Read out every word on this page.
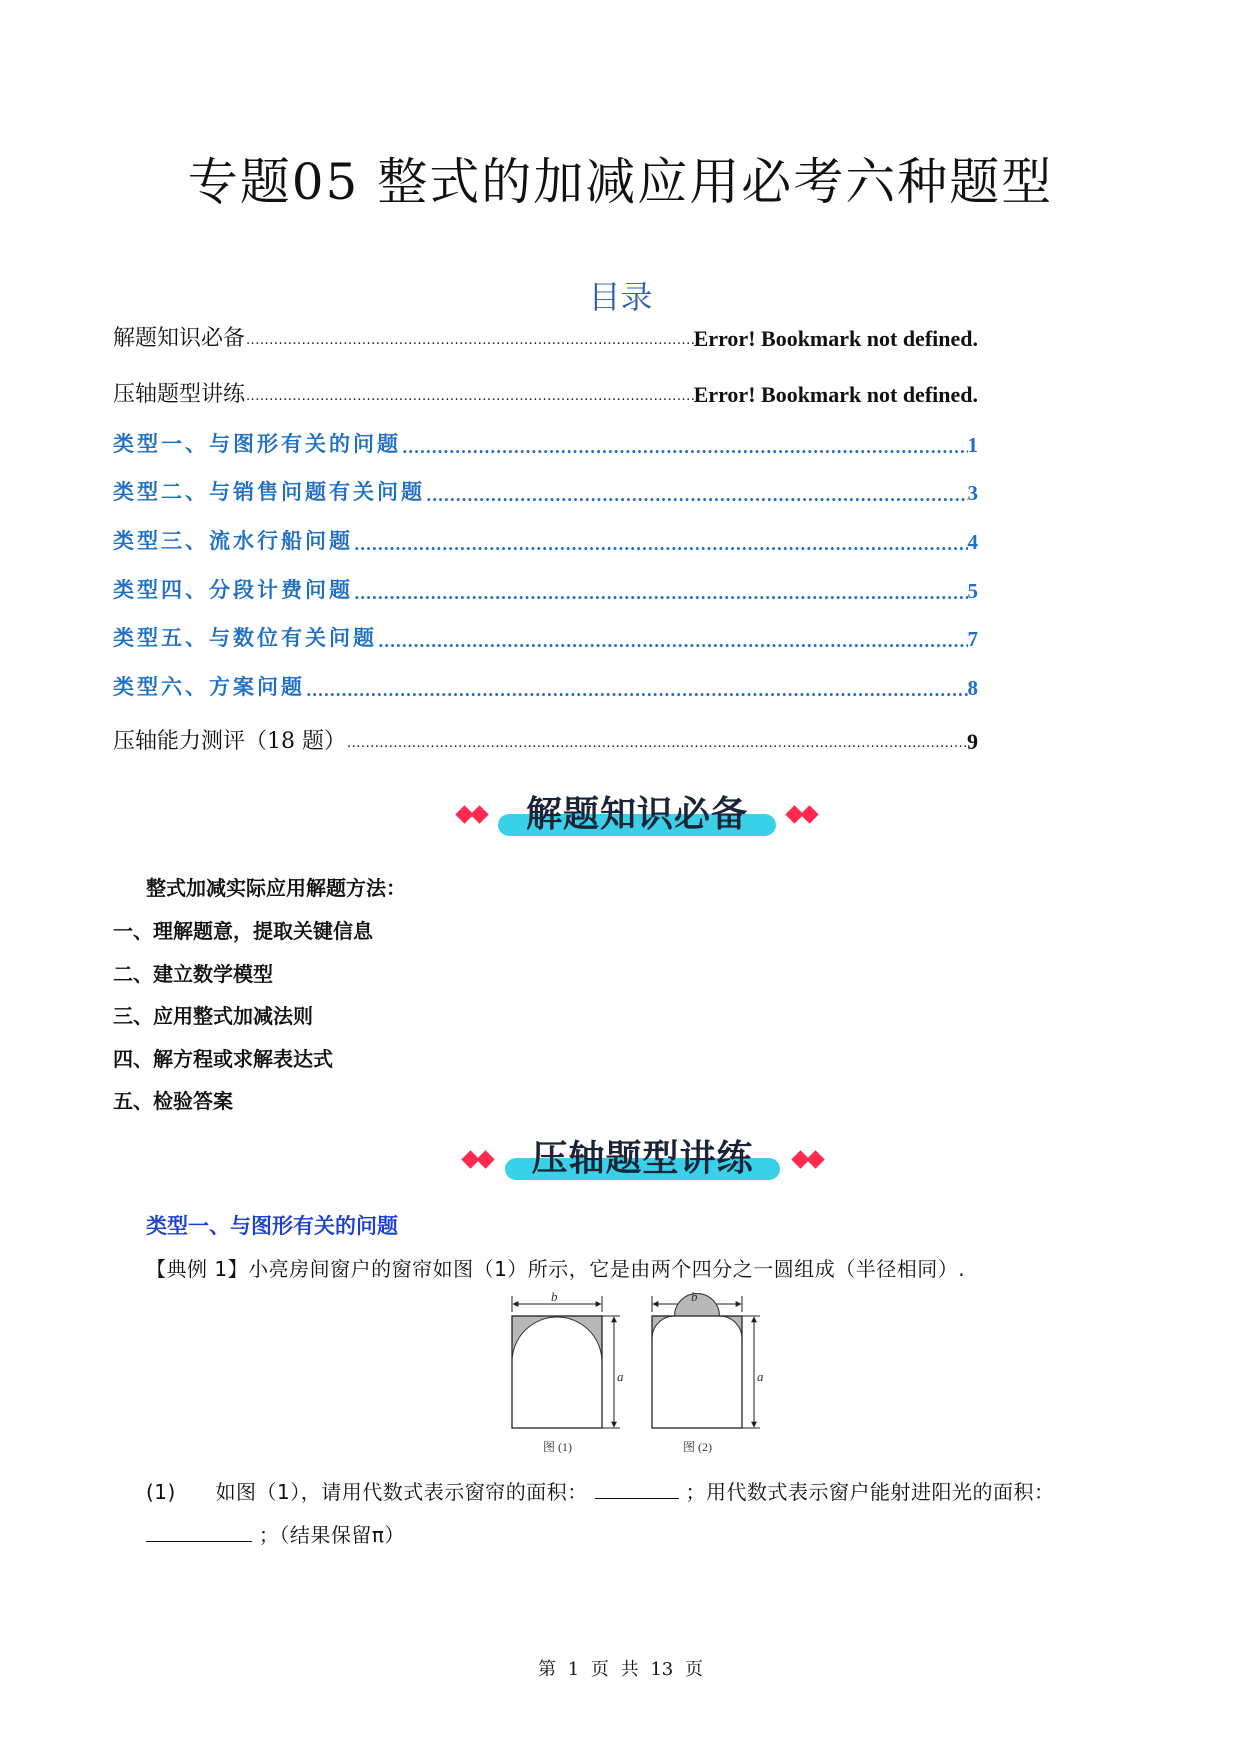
专题05 整式的加减应用必考六种题型
目录
解题知识必备 .....	Error! Bookmark not defined.
压轴题型讲练 .....	Error! Bookmark not defined.
类型一、与图形有关的问题 .....	1
类型二、与销售问题有关问题 .....	3
类型三、流水行船问题 .....	4
类型四、分段计费问题 .....	5
类型五、与数位有关问题 .....	7
类型六、方案问题 .....	8
压轴能力测评（18 题） .....	9
解题知识必备
整式加减实际应用解题方法：
一、理解题意，提取关键信息
二、建立数学模型
三、应用整式加减法则
四、解方程或求解表达式
五、检验答案
压轴题型讲练
类型一、与图形有关的问题
【典例 1】小亮房间窗户的窗帘如图（1）所示，它是由两个四分之一圆组成（半径相同）.
b
a
b
a
图 (1)	图 (2)
(1) 如图（1），请用代数式表示窗帘的面积：	；用代数式表示窗户能射进阳光的面积：
；（结果保留π）
第 1 页 共 13 页
